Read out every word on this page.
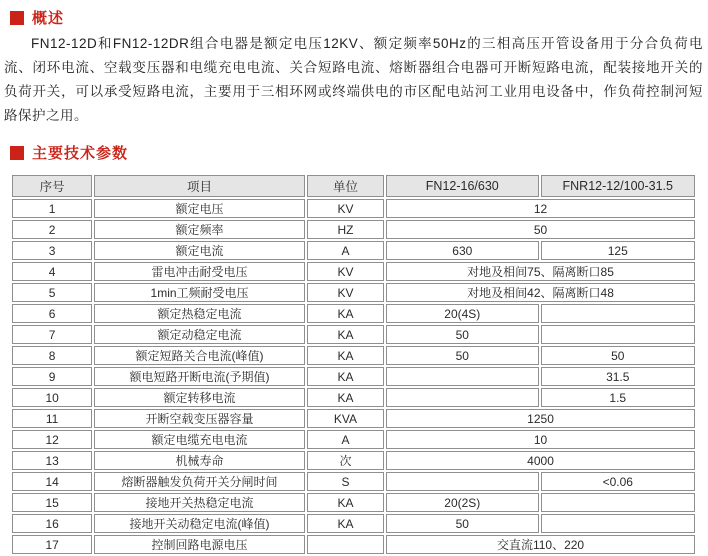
概述

FN12-12D和FN12-12DR组合电器是额定电压12KV、额定频率50Hz的三相高压开管设备用于分合负荷电流、闭环电流、空载变压器和电缆充电电流、关合短路电流、熔断器组合电器可开断短路电流，配装接地开关的负荷开关，可以承受短路电流，主要用于三相环网或终端供电的市区配电站河工业用电设备中，作负荷控制河短路保护之用。

主要技术参数
序号	项目	单位	FN12-16/630	FNR12-12/100-31.5
1	额定电压	KV	12	
2	额定频率	HZ	50	
3	额定电流	A	630	125
4	雷电冲击耐受电压	KV	对地及相间75、隔离断口85	
5	1min工频耐受电压	KV	对地及相间42、隔离断口48	
6	额定热稳定电流	KA	20(4S)	
7	额定动稳定电流	KA	50	
8	额定短路关合电流(峰值)	KA	50	50
9	额电短路开断电流(予期值)	KA		31.5
10	额定转移电流	KA		1.5
11	开断空载变压器容量	KVA	1250	
12	额定电缆充电电流	A	10	
13	机械寿命	次	4000	
14	熔断器触发负荷开关分闸时间	S		<0.06
15	接地开关热稳定电流	KA	20(2S)	
16	接地开关动稳定电流(峰值)	KA	50	
17	控制回路电源电压		交直流110、220	
